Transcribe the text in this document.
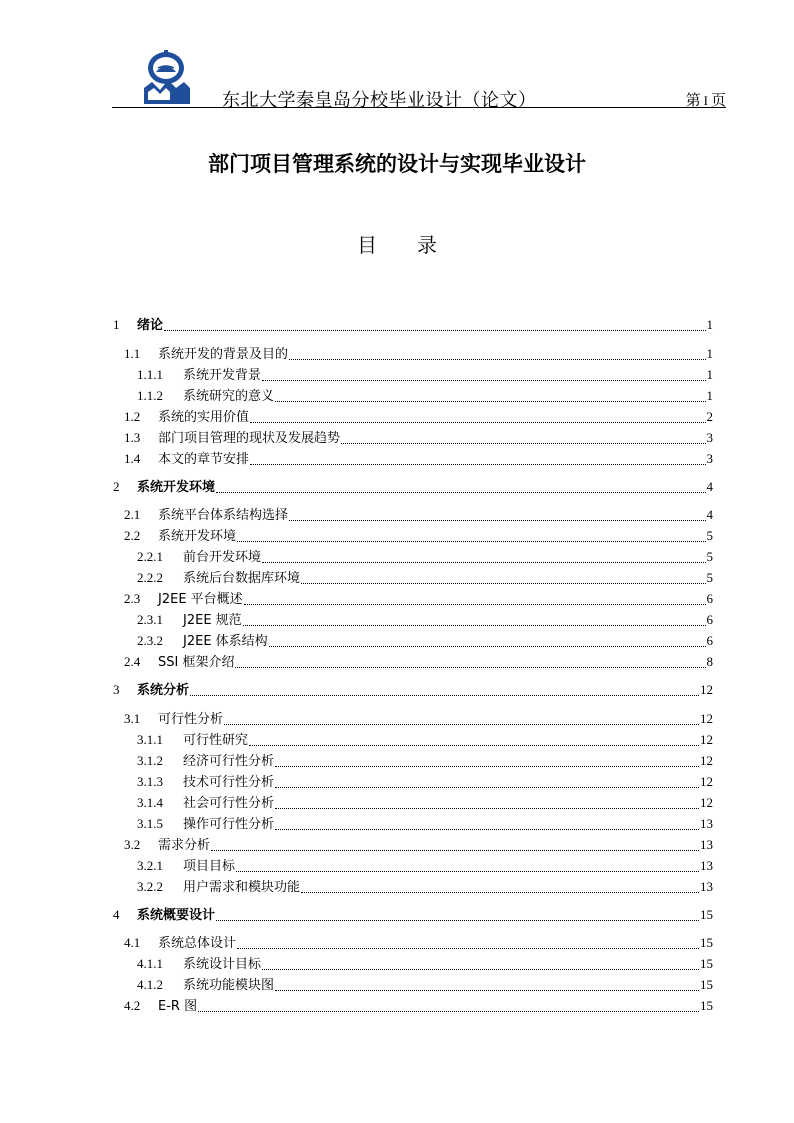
东北大学秦皇岛分校毕业设计（论文）	第 I 页
部门项目管理系统的设计与实现毕业设计
目 录
1	绪论	1
1.1	系统开发的背景及目的	1
1.1.1	系统开发背景	1
1.1.2	系统研究的意义	1
1.2	系统的实用价值	2
1.3	部门项目管理的现状及发展趋势	3
1.4	本文的章节安排	3
2	系统开发环境	4
2.1	系统平台体系结构选择	4
2.2	系统开发环境	5
2.2.1	前台开发环境	5
2.2.2	系统后台数据库环境	5
2.3	J2EE 平台概述	6
2.3.1	J2EE 规范	6
2.3.2	J2EE 体系结构	6
2.4	SSI 框架介绍	8
3	系统分析	12
3.1	可行性分析	12
3.1.1	可行性研究	12
3.1.2	经济可行性分析	12
3.1.3	技术可行性分析	12
3.1.4	社会可行性分析	12
3.1.5	操作可行性分析	13
3.2	需求分析	13
3.2.1	项目目标	13
3.2.2	用户需求和模块功能	13
4	系统概要设计	15
4.1	系统总体设计	15
4.1.1	系统设计目标	15
4.1.2	系统功能模块图	15
4.2	E-R 图	15
